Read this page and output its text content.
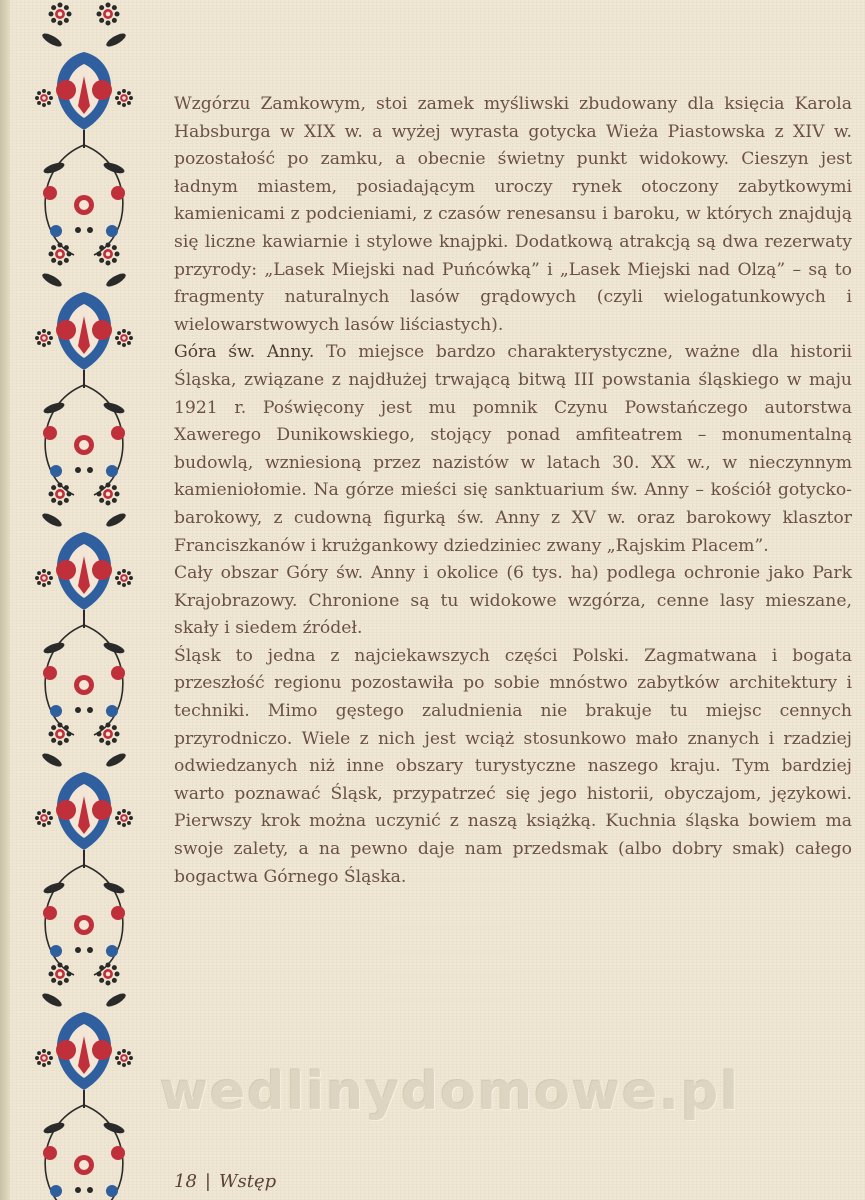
Wzgórzu Zamkowym, stoi zamek myśliwski zbudowany dla księcia Karola Habsburga w XIX w. a wyżej wyrasta gotycka Wieża Piastowska z XIV w. pozostałość po zamku, a obecnie świetny punkt widokowy. Cieszyn jest ładnym miastem, posiadającym uroczy rynek otoczony zabytkowymi kamienicami z podcieniami, z czasów renesansu i baroku, w których znajdują się liczne kawiarnie i stylowe knajpki. Dodatkową atrakcją są dwa rezerwaty przyrody: „Lasek Miejski nad Puńcówką” i „Lasek Miejski nad Olzą” – są to fragmenty naturalnych lasów grądowych (czyli wielogatunkowych i wielowarstwowych lasów liściastych).

Góra św. Anny. To miejsce bardzo charakterystyczne, ważne dla historii Śląska, związane z najdłużej trwającą bitwą III powstania śląskiego w maju 1921 r. Poświęcony jest mu pomnik Czynu Powstańczego autorstwa Xawerego Dunikowskiego, stojący ponad amfiteatrem – monumentalną budowlą, wzniesioną przez nazistów w latach 30. XX w., w nieczynnym kamieniołomie. Na górze mieści się sanktuarium św. Anny – kościół gotycko-barokowy, z cudowną figurką św. Anny z XV w. oraz barokowy klasztor Franciszkanów i krużgankowy dziedziniec zwany „Rajskim Placem”.

Cały obszar Góry św. Anny i okolice (6 tys. ha) podlega ochronie jako Park Krajobrazowy. Chronione są tu widokowe wzgórza, cenne lasy mieszane, skały i siedem źródeł.

Śląsk to jedna z najciekawszych części Polski. Zagmatwana i bogata przeszłość regionu pozostawiła po sobie mnóstwo zabytków architektury i techniki. Mimo gęstego zaludnienia nie brakuje tu miejsc cennych przyrodniczo. Wiele z nich jest wciąż stosunkowo mało znanych i rzadziej odwiedzanych niż inne obszary turystyczne naszego kraju. Tym bardziej warto poznawać Śląsk, przypatrzeć się jego historii, obyczajom, językowi. Pierwszy krok można uczynić z naszą książką. Kuchnia śląska bowiem ma swoje zalety, a na pewno daje nam przedsmak (albo dobry smak) całego bogactwa Górnego Śląska.

wedlinydomowe.pl
18 | Wstęp
